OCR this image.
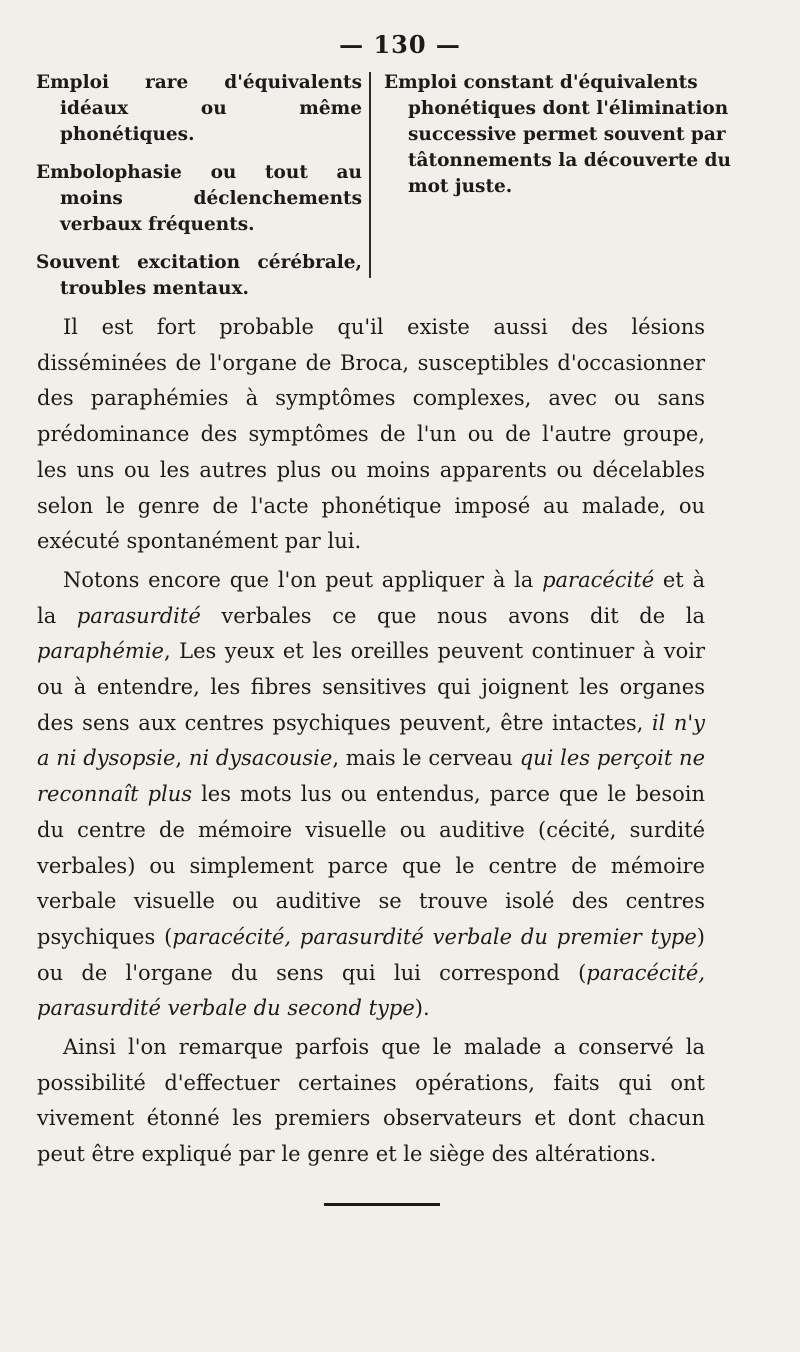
— 130 —
Emploi rare d'équivalents idéaux ou même phonétiques.
Embolophasie ou tout au moins déclenchements verbaux fréquents.
Souvent excitation cérébrale, troubles mentaux.
Emploi constant d'équivalents phonétiques dont l'élimination successive permet souvent par tâtonnements la découverte du mot juste.

Il est fort probable qu'il existe aussi des lésions disséminées de l'organe de Broca, susceptibles d'occasionner des paraphémies à symptômes complexes, avec ou sans prédominance des symptômes de l'un ou de l'autre groupe, les uns ou les autres plus ou moins apparents ou décelables selon le genre de l'acte phonétique imposé au malade, ou exécuté spontanément par lui.

Notons encore que l'on peut appliquer à la paracécité et à la parasurdité verbales ce que nous avons dit de la paraphémie, Les yeux et les oreilles peuvent continuer à voir ou à entendre, les fibres sensitives qui joignent les organes des sens aux centres psychiques peuvent, être intactes, il n'y a ni dysopsie, ni dysacousie, mais le cerveau qui les perçoit ne reconnaît plus les mots lus ou entendus, parce que le besoin du centre de mémoire visuelle ou auditive (cécité, surdité verbales) ou simplement parce que le centre de mémoire verbale visuelle ou auditive se trouve isolé des centres psychiques (paracécité, parasurdité verbale du premier type) ou de l'organe du sens qui lui correspond (paracécité, parasurdité verbale du second type).

Ainsi l'on remarque parfois que le malade a conservé la possibilité d'effectuer certaines opérations, faits qui ont vivement étonné les premiers observateurs et dont chacun peut être expliqué par le genre et le siège des altérations.
